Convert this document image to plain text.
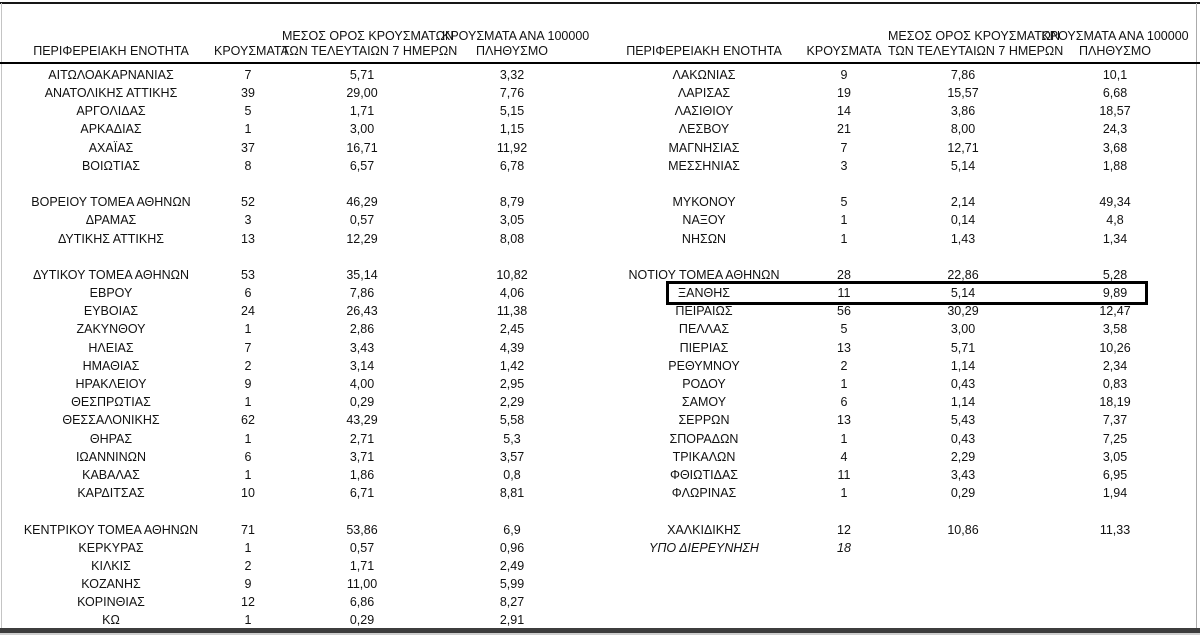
ΠΕΡΙΦΕΡΕΙΑΚΗ ΕΝΟΤΗΤΑ	ΚΡΟΥΣΜΑΤΑ
ΜΕΣΟΣ ΟΡΟΣ ΚΡΟΥΣΜΑΤΩΝ
ΤΩΝ ΤΕΛΕΥΤΑΙΩΝ 7 ΗΜΕΡΩΝ
ΚΡΟΥΣΜΑΤΑ ΑΝΑ 100000
ΠΛΗΘΥΣΜΟ
ΑΙΤΩΛΟΑΚΑΡΝΑΝΙΑΣ	7	5,71	3,32
ΑΝΑΤΟΛΙΚΗΣ ΑΤΤΙΚΗΣ	39	29,00	7,76
ΑΡΓΟΛΙΔΑΣ	5	1,71	5,15
ΑΡΚΑΔΙΑΣ	1	3,00	1,15
ΑΧΑΪΑΣ	37	16,71	11,92
ΒΟΙΩΤΙΑΣ	8	6,57	6,78
ΒΟΡΕΙΟΥ ΤΟΜΕΑ ΑΘΗΝΩΝ	52	46,29	8,79
ΔΡΑΜΑΣ	3	0,57	3,05
ΔΥΤΙΚΗΣ ΑΤΤΙΚΗΣ	13	12,29	8,08
ΔΥΤΙΚΟΥ ΤΟΜΕΑ ΑΘΗΝΩΝ	53	35,14	10,82
ΕΒΡΟΥ	6	7,86	4,06
ΕΥΒΟΙΑΣ	24	26,43	11,38
ΖΑΚΥΝΘΟΥ	1	2,86	2,45
ΗΛΕΙΑΣ	7	3,43	4,39
ΗΜΑΘΙΑΣ	2	3,14	1,42
ΗΡΑΚΛΕΙΟΥ	9	4,00	2,95
ΘΕΣΠΡΩΤΙΑΣ	1	0,29	2,29
ΘΕΣΣΑΛΟΝΙΚΗΣ	62	43,29	5,58
ΘΗΡΑΣ	1	2,71	5,3
ΙΩΑΝΝΙΝΩΝ	6	3,71	3,57
ΚΑΒΑΛΑΣ	1	1,86	0,8
ΚΑΡΔΙΤΣΑΣ	10	6,71	8,81
ΚΕΝΤΡΙΚΟΥ ΤΟΜΕΑ ΑΘΗΝΩΝ	71	53,86	6,9
ΚΕΡΚΥΡΑΣ	1	0,57	0,96
ΚΙΛΚΙΣ	2	1,71	2,49
ΚΟΖΑΝΗΣ	9	11,00	5,99
ΚΟΡΙΝΘΙΑΣ	12	6,86	8,27
ΚΩ	1	0,29	2,91
ΠΕΡΙΦΕΡΕΙΑΚΗ ΕΝΟΤΗΤΑ	ΚΡΟΥΣΜΑΤΑ
ΜΕΣΟΣ ΟΡΟΣ ΚΡΟΥΣΜΑΤΩΝ
ΤΩΝ ΤΕΛΕΥΤΑΙΩΝ 7 ΗΜΕΡΩΝ
ΚΡΟΥΣΜΑΤΑ ΑΝΑ 100000
ΠΛΗΘΥΣΜΟ
ΛΑΚΩΝΙΑΣ	9	7,86	10,1
ΛΑΡΙΣΑΣ	19	15,57	6,68
ΛΑΣΙΘΙΟΥ	14	3,86	18,57
ΛΕΣΒΟΥ	21	8,00	24,3
ΜΑΓΝΗΣΙΑΣ	7	12,71	3,68
ΜΕΣΣΗΝΙΑΣ	3	5,14	1,88
ΜΥΚΟΝΟΥ	5	2,14	49,34
ΝΑΞΟΥ	1	0,14	4,8
ΝΗΣΩΝ	1	1,43	1,34
ΝΟΤΙΟΥ ΤΟΜΕΑ ΑΘΗΝΩΝ	28	22,86	5,28
ΞΑΝΘΗΣ	11	5,14	9,89
ΠΕΙΡΑΙΩΣ	56	30,29	12,47
ΠΕΛΛΑΣ	5	3,00	3,58
ΠΙΕΡΙΑΣ	13	5,71	10,26
ΡΕΘΥΜΝΟΥ	2	1,14	2,34
ΡΟΔΟΥ	1	0,43	0,83
ΣΑΜΟΥ	6	1,14	18,19
ΣΕΡΡΩΝ	13	5,43	7,37
ΣΠΟΡΑΔΩΝ	1	0,43	7,25
ΤΡΙΚΑΛΩΝ	4	2,29	3,05
ΦΘΙΩΤΙΔΑΣ	11	3,43	6,95
ΦΛΩΡΙΝΑΣ	1	0,29	1,94
ΧΑΛΚΙΔΙΚΗΣ	12	10,86	11,33
ΥΠΟ ΔΙΕΡΕΥΝΗΣΗ	18
